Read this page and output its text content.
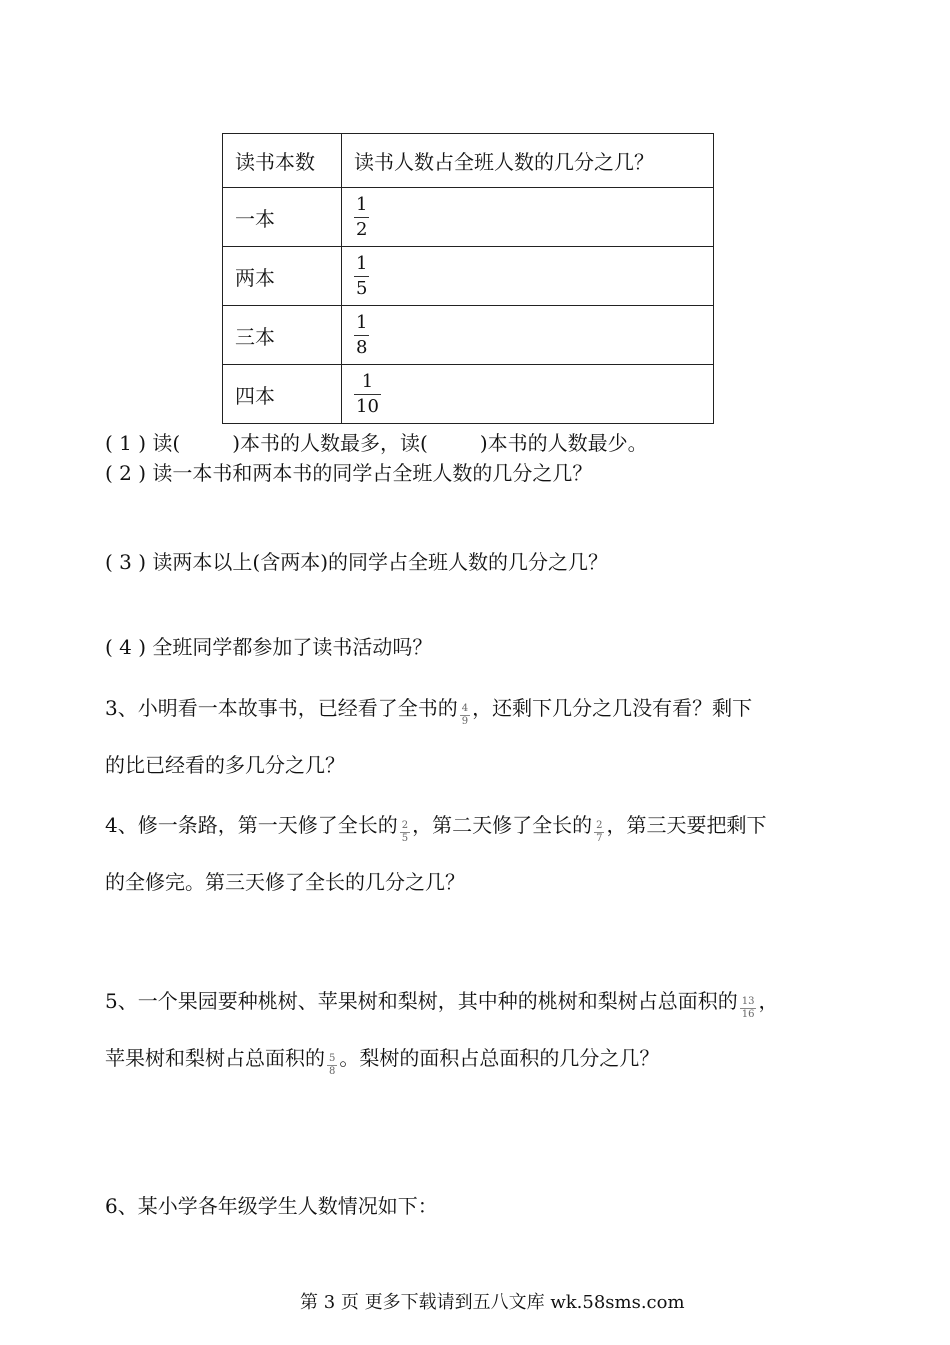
读书本数	读书人数占全班人数的几分之几？
一本	$\frac{1}{2}$

两本	$\frac{1}{5}$

三本	$\frac{1}{8}$

四本	$\frac{1}{10}$
( 1 ) 读(	)本书的人数最多，读(	)本书的人数最少。
( 2 ) 读一本书和两本书的同学占全班人数的几分之几？
( 3 ) 读两本以上(含两本)的同学占全班人数的几分之几？
( 4 ) 全班同学都参加了读书活动吗？
3、小明看一本故事书，已经看了全书的 $\frac{4}{9}$ ，还剩下几分之几没有看？剩下
的比已经看的多几分之几？
4、修一条路，第一天修了全长的 $\frac{2}{5}$ ，第二天修了全长的 $\frac{2}{7}$ ，第三天要把剩下
的全修完。第三天修了全长的几分之几？
5、一个果园要种桃树、苹果树和梨树，其中种的桃树和梨树占总面积的 $\frac{13}{16}$ ，
苹果树和梨树占总面积的 $\frac{5}{8}$ 。梨树的面积占总面积的几分之几？
6、某小学各年级学生人数情况如下：
第 3 页 更多下载请到五八文库 wk.58sms.com
